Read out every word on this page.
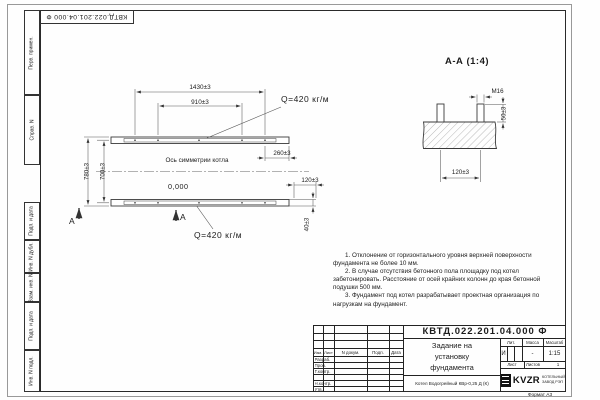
КВТД.022.201.04.000 Ф
Перв. примен.
Справ. N
Подп. и дата
Инв. N дубл.
Взам. инв. N
Подп. и дата
Инв. N подл.
1430±3
910±3
780±3	700±3
260±3
120±3
40±3
Q=420 кг/м
Q=420 кг/м
Ось симметрии котла
0,000
А	А
А-А (1:4)
М16
50±3
120±3
1. Отклонение от горизонтального уровня верхней поверхности
фундамента не более 10 мм.
2. В случае отсутствия бетонного пола площадку под котел
забетонировать. Расстояние от осей крайних колонн до края бетонной
подушки 500 мм.
3. Фундамент под котел разрабатывает проектная организация по
нагрузкам на фундамент.
КВТД.022.201.04.000 Ф
Задание на
установку
фундамента
Изм. Лист	N докум.	Подп.	Дата
Разраб.
Пров.
Т.контр.
Н.контр.
Утв.
Лит.	Масса	Масштаб
И	-	1:15
Лист	Листов	1
Котел Водогрейный КВр-0,25 Д (К)	KVZR КОТЕЛЬНЫЙ
ЗАВОД РЭП
Формат А3
